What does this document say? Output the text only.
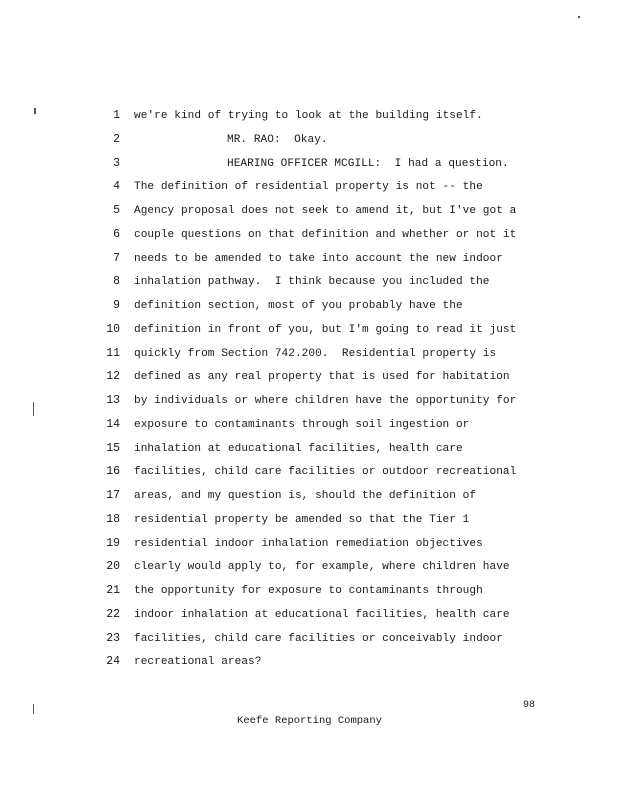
1 we're kind of trying to look at the building itself.
2	MR. RAO:  Okay.
3	HEARING OFFICER MCGILL:  I had a question.
4 The definition of residential property is not -- the
5 Agency proposal does not seek to amend it, but I've got a
6 couple questions on that definition and whether or not it
7 needs to be amended to take into account the new indoor
8 inhalation pathway.  I think because you included the
9 definition section, most of you probably have the
10 definition in front of you, but I'm going to read it just
11 quickly from Section 742.200.  Residential property is
12 defined as any real property that is used for habitation
13 by individuals or where children have the opportunity for
14 exposure to contaminants through soil ingestion or
15 inhalation at educational facilities, health care
16 facilities, child care facilities or outdoor recreational
17 areas, and my question is, should the definition of
18 residential property be amended so that the Tier 1
19 residential indoor inhalation remediation objectives
20 clearly would apply to, for example, where children have
21 the opportunity for exposure to contaminants through
22 indoor inhalation at educational facilities, health care
23 facilities, child care facilities or conceivably indoor
24 recreational areas?
98
Keefe Reporting Company
